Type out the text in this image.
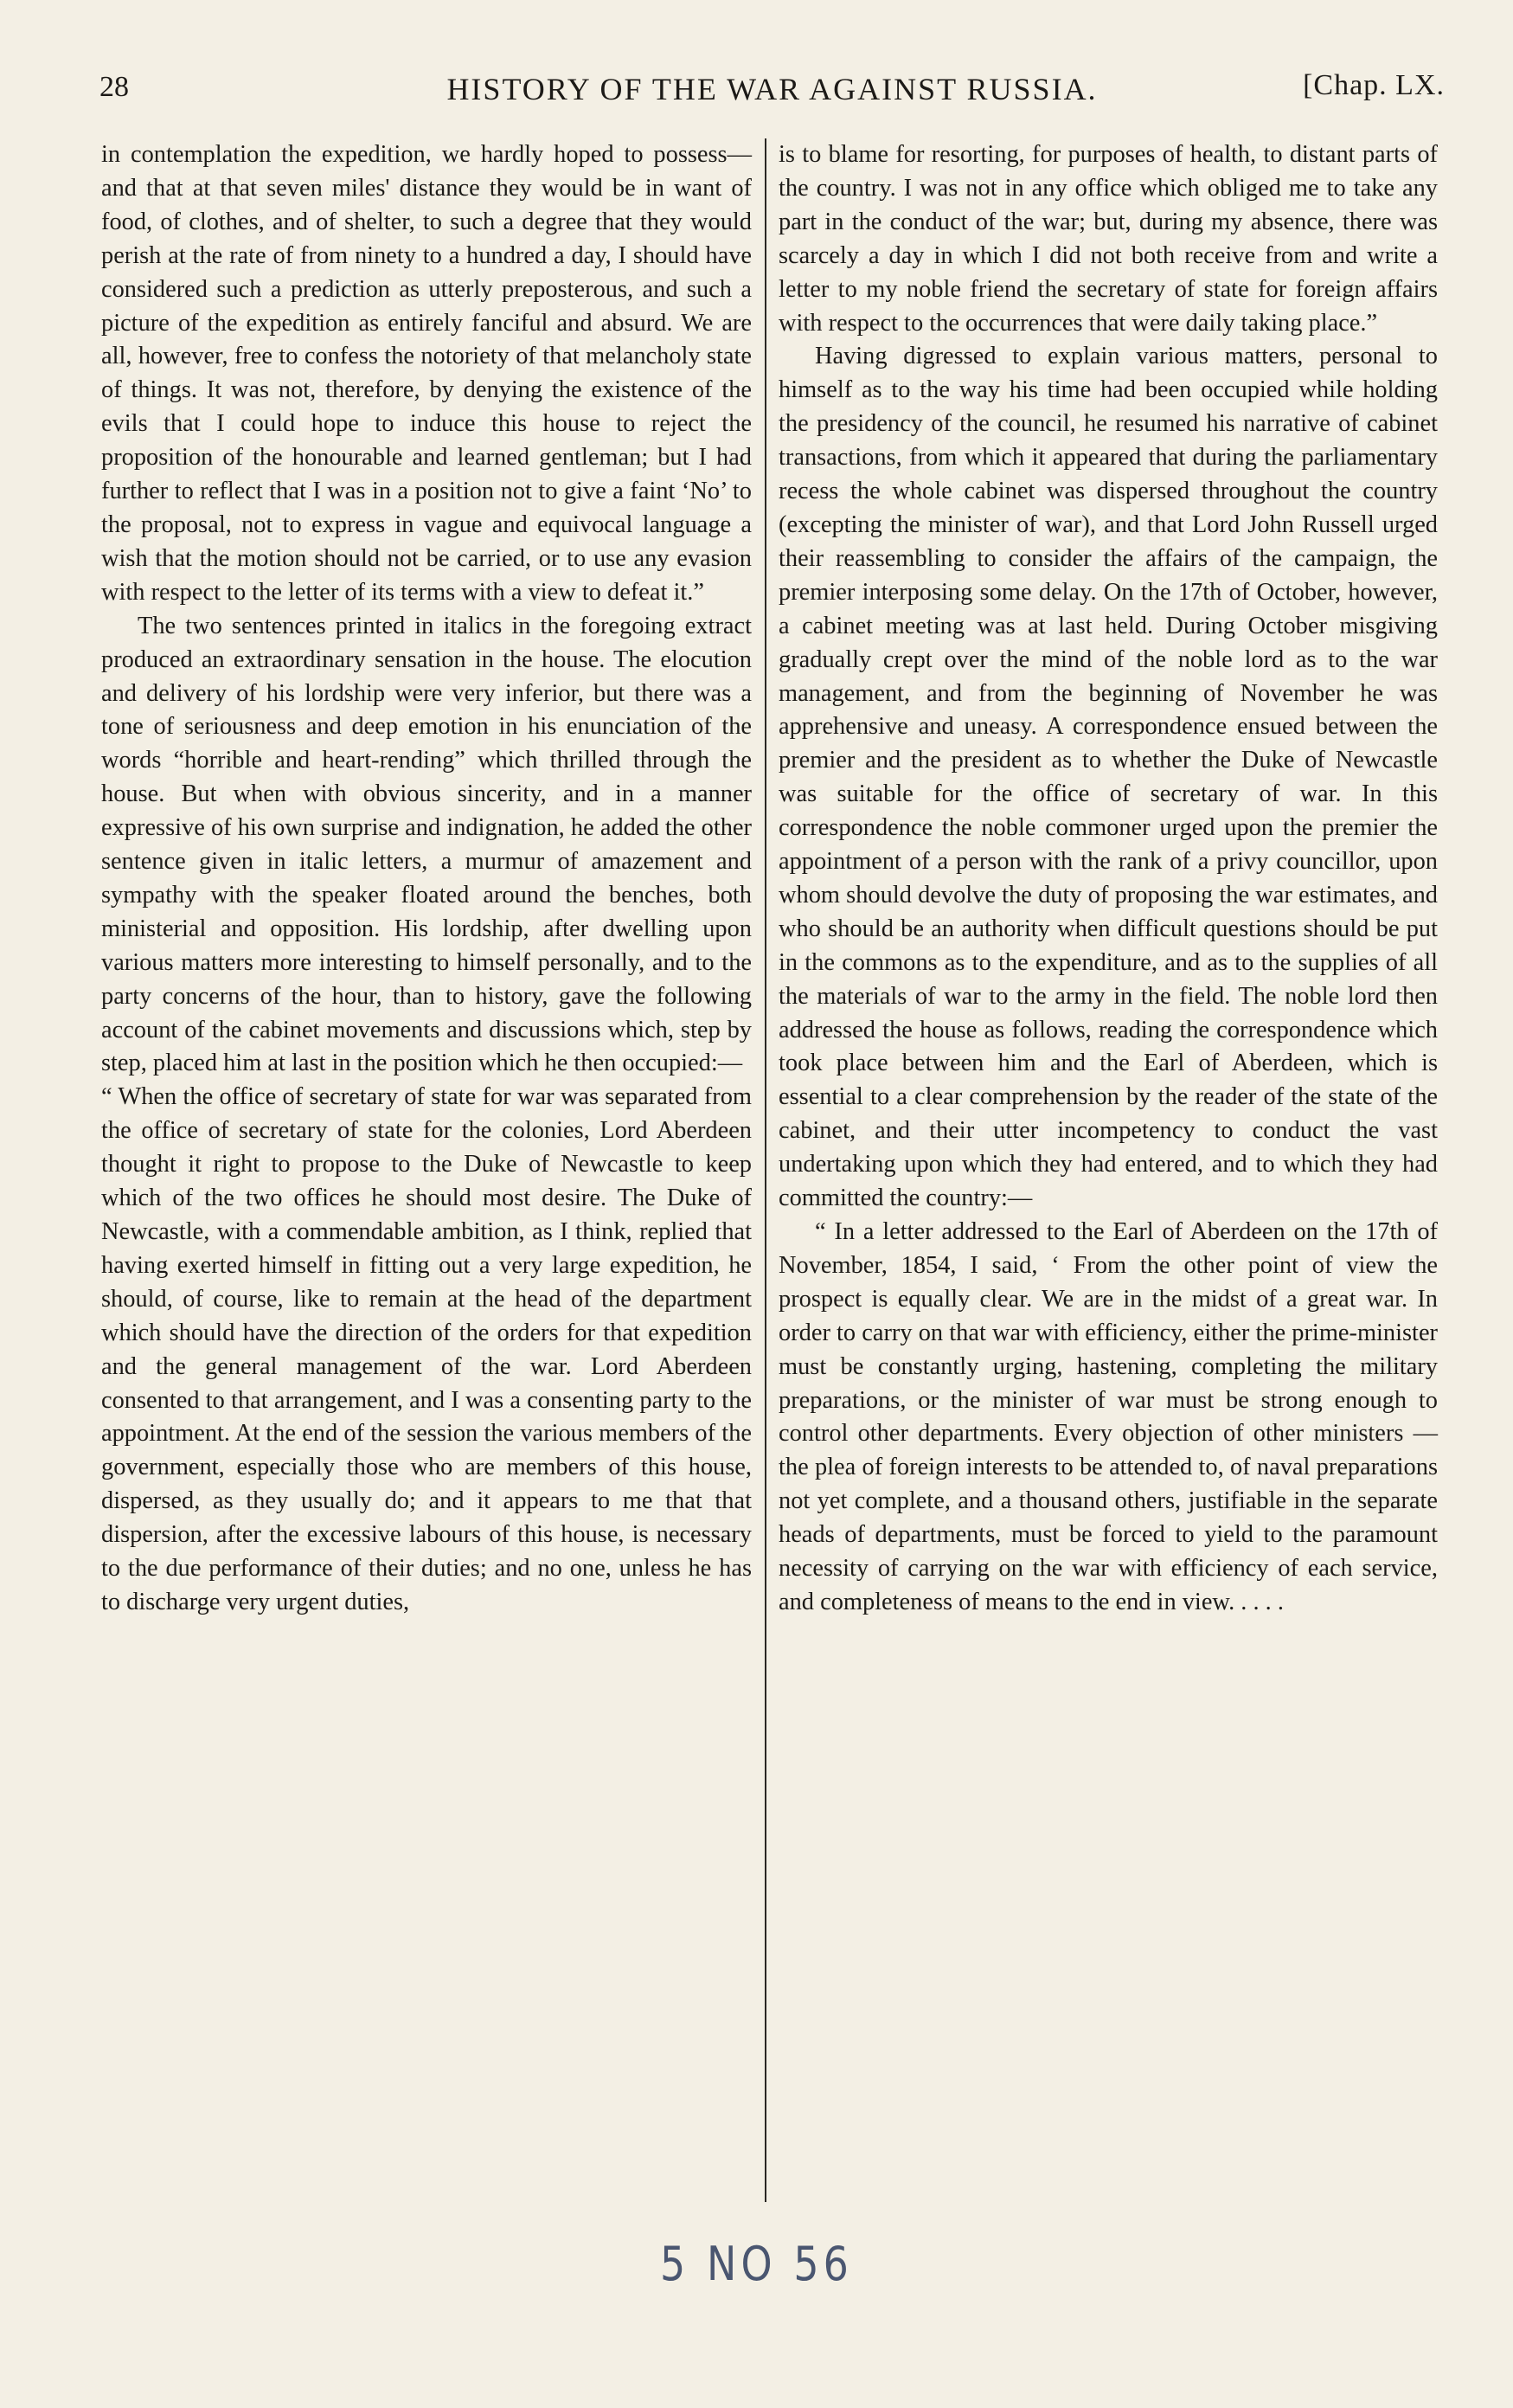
28	HISTORY OF THE WAR AGAINST RUSSIA.	[Chap. LX.

in contemplation the expedition, we hardly hoped to possess—and that at that seven miles' distance they would be in want of food, of clothes, and of shelter, to such a degree that they would perish at the rate of from ninety to a hundred a day, I should have considered such a prediction as utterly preposterous, and such a picture of the expedition as entirely fanciful and absurd. We are all, however, free to confess the notoriety of that melancholy state of things. It was not, therefore, by denying the existence of the evils that I could hope to induce this house to reject the proposition of the honourable and learned gentleman; but I had further to reflect that I was in a position not to give a faint ‘No’ to the proposal, not to express in vague and equivocal language a wish that the motion should not be carried, or to use any evasion with respect to the letter of its terms with a view to defeat it.”

The two sentences printed in italics in the foregoing extract produced an extraordinary sensation in the house. The elocution and delivery of his lordship were very inferior, but there was a tone of seriousness and deep emotion in his enunciation of the words “horrible and heart-rending” which thrilled through the house. But when with obvious sincerity, and in a manner expressive of his own surprise and indignation, he added the other sentence given in italic letters, a murmur of amazement and sympathy with the speaker floated around the benches, both ministerial and opposition. His lordship, after dwelling upon various matters more interesting to himself personally, and to the party concerns of the hour, than to history, gave the following account of the cabinet movements and discussions which, step by step, placed him at last in the position which he then occupied:—

“ When the office of secretary of state for war was separated from the office of secretary of state for the colonies, Lord Aberdeen thought it right to propose to the Duke of Newcastle to keep which of the two offices he should most desire. The Duke of Newcastle, with a commendable ambition, as I think, replied that having exerted himself in fitting out a very large expedition, he should, of course, like to remain at the head of the department which should have the direction of the orders for that expedition and the general management of the war. Lord Aberdeen consented to that arrangement, and I was a consenting party to the appointment. At the end of the session the various members of the government, especially those who are members of this house, dispersed, as they usually do; and it appears to me that that dispersion, after the excessive labours of this house, is necessary to the due performance of their duties; and no one, unless he has to discharge very urgent duties,

is to blame for resorting, for purposes of health, to distant parts of the country. I was not in any office which obliged me to take any part in the conduct of the war; but, during my absence, there was scarcely a day in which I did not both receive from and write a letter to my noble friend the secretary of state for foreign affairs with respect to the occurrences that were daily taking place.”

Having digressed to explain various matters, personal to himself as to the way his time had been occupied while holding the presidency of the council, he resumed his narrative of cabinet transactions, from which it appeared that during the parliamentary recess the whole cabinet was dispersed throughout the country (excepting the minister of war), and that Lord John Russell urged their reassembling to consider the affairs of the campaign, the premier interposing some delay. On the 17th of October, however, a cabinet meeting was at last held. During October misgiving gradually crept over the mind of the noble lord as to the war management, and from the beginning of November he was apprehensive and uneasy. A correspondence ensued between the premier and the president as to whether the Duke of Newcastle was suitable for the office of secretary of war. In this correspondence the noble commoner urged upon the premier the appointment of a person with the rank of a privy councillor, upon whom should devolve the duty of proposing the war estimates, and who should be an authority when difficult questions should be put in the commons as to the expenditure, and as to the supplies of all the materials of war to the army in the field. The noble lord then addressed the house as follows, reading the correspondence which took place between him and the Earl of Aberdeen, which is essential to a clear comprehension by the reader of the state of the cabinet, and their utter incompetency to conduct the vast undertaking upon which they had entered, and to which they had committed the country:—

“ In a letter addressed to the Earl of Aberdeen on the 17th of November, 1854, I said, ‘ From the other point of view the prospect is equally clear. We are in the midst of a great war. In order to carry on that war with efficiency, either the prime-minister must be constantly urging, hastening, completing the military preparations, or the minister of war must be strong enough to control other departments. Every objection of other ministers —the plea of foreign interests to be attended to, of naval preparations not yet complete, and a thousand others, justifiable in the separate heads of departments, must be forced to yield to the paramount necessity of carrying on the war with efficiency of each service, and completeness of means to the end in view. . . . .

5 NO 56
